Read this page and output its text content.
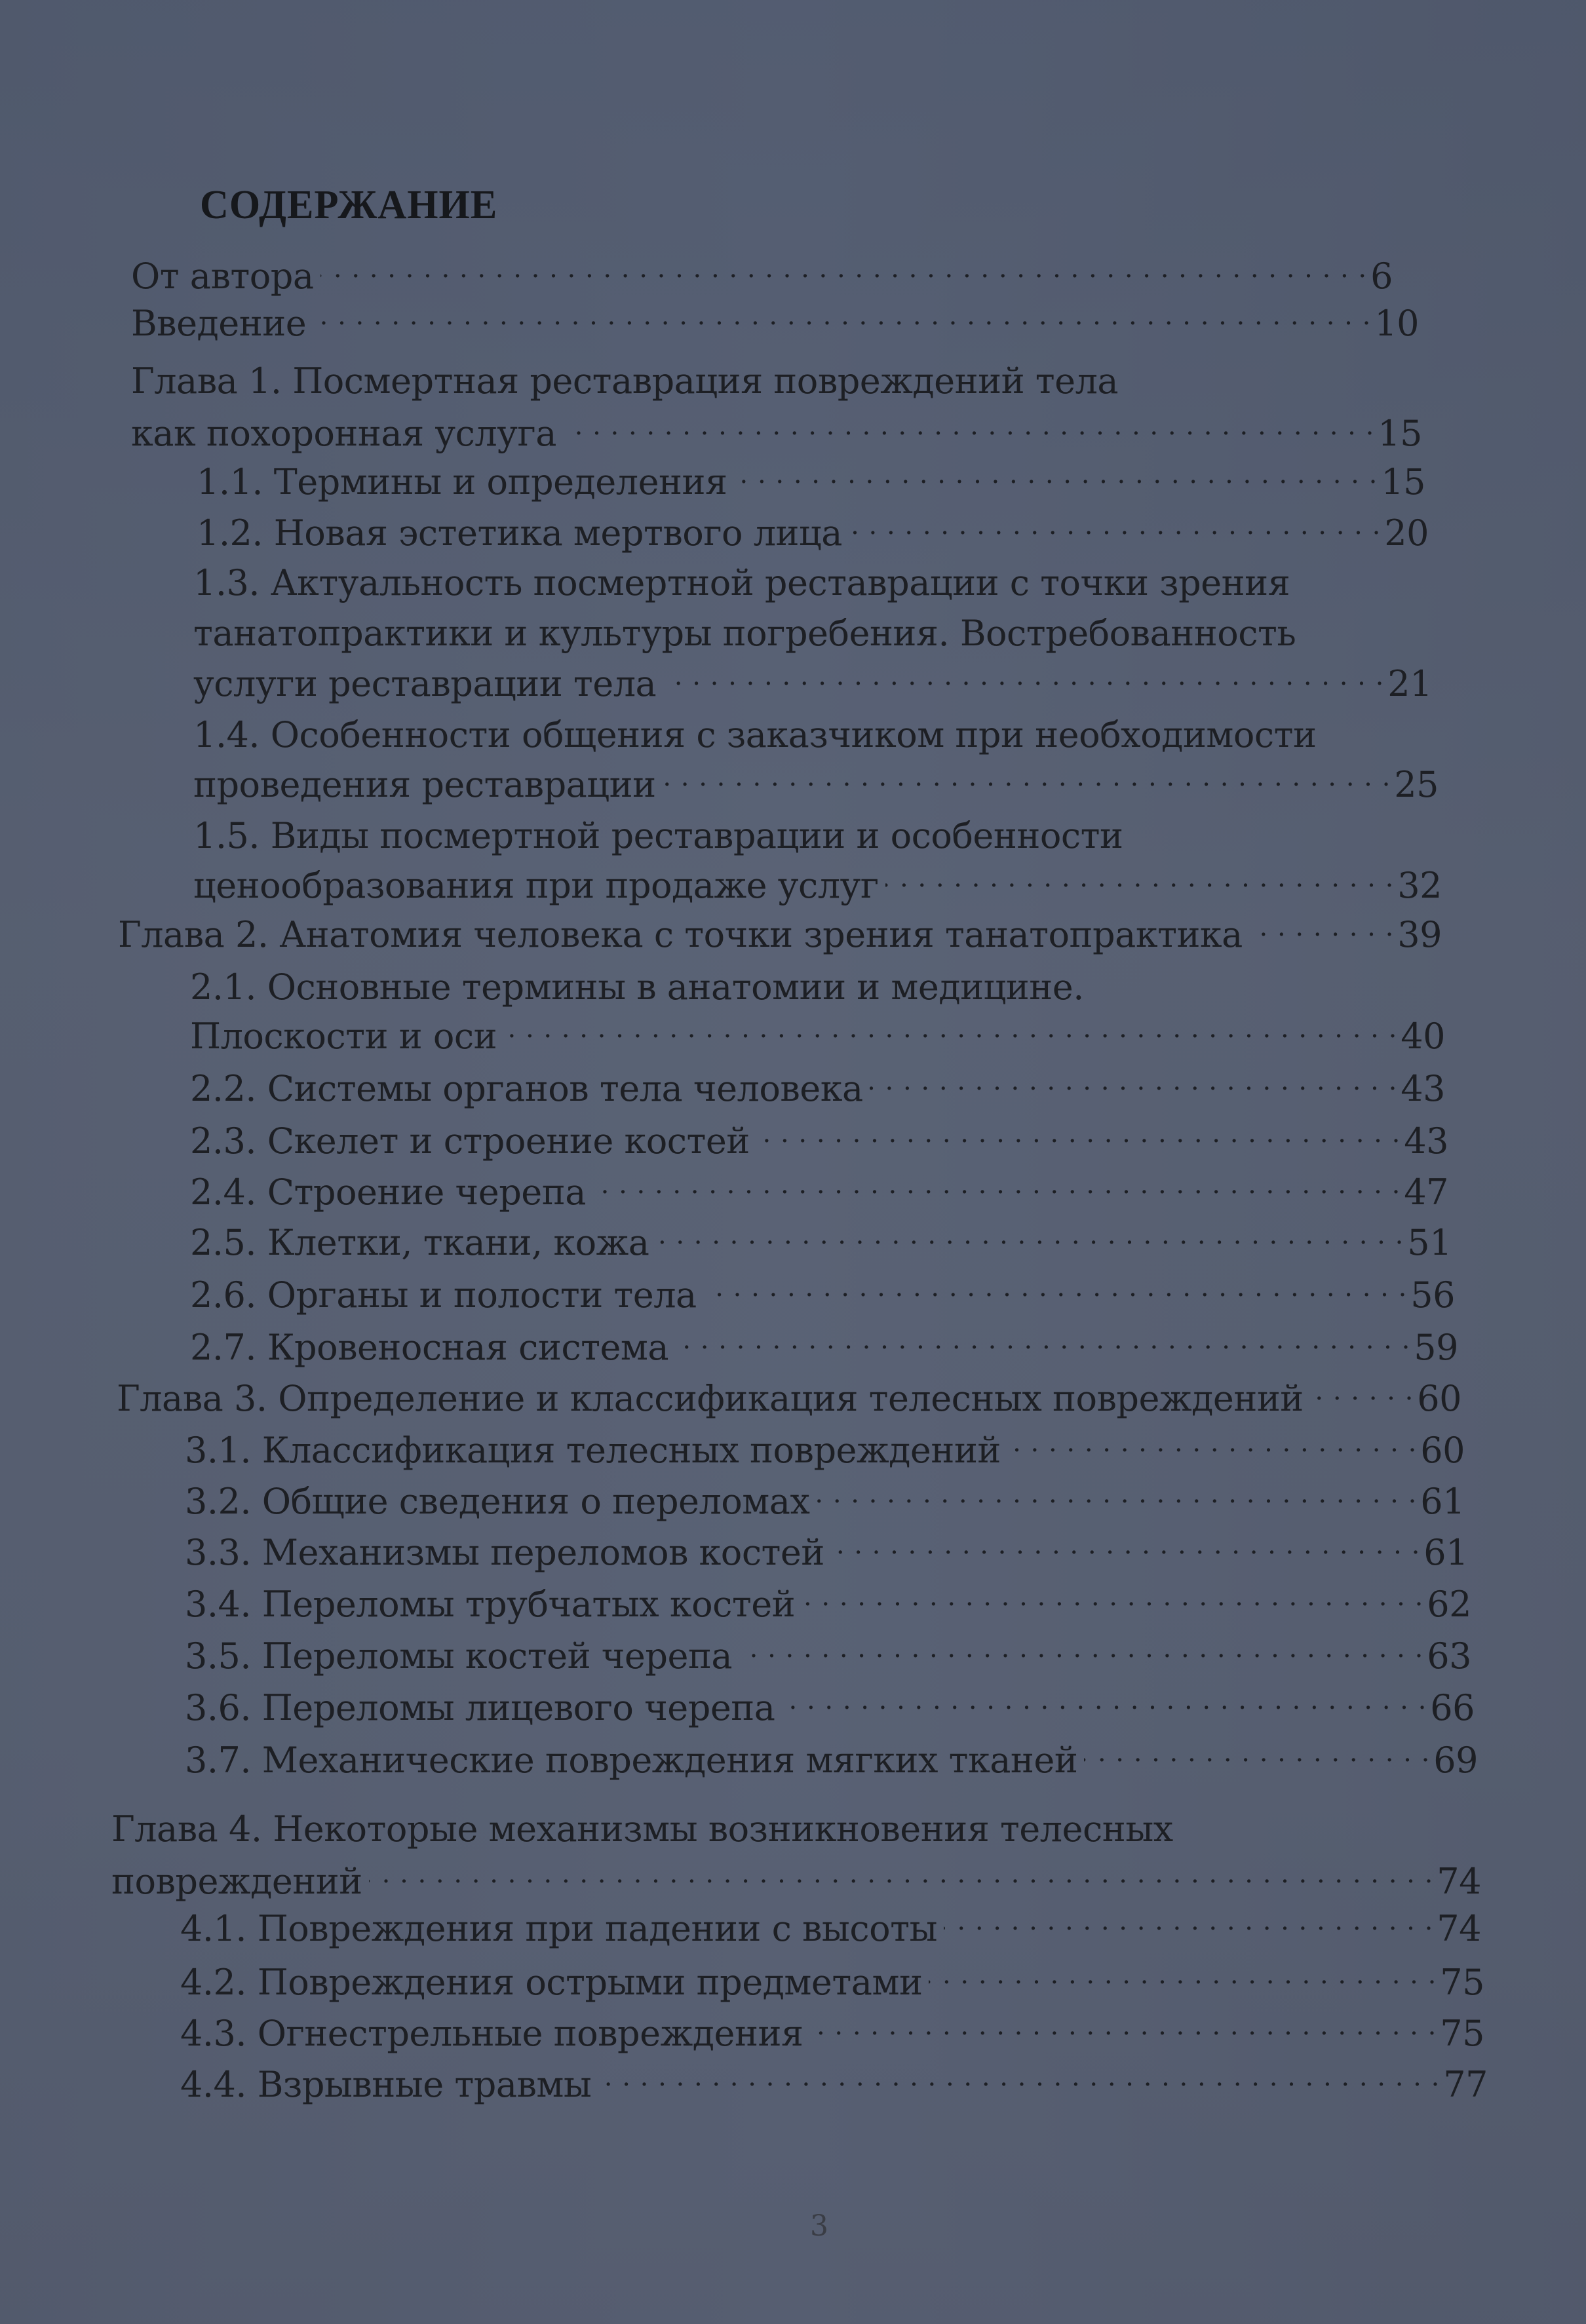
СОДЕРЖАНИЕ
От автора . . .	6
Введение . . .	10
Глава 1. Посмертная реставрация повреждений тела
как похоронная услуга . . .	15
1.1. Термины и определения . . .	15
1.2. Новая эстетика мертвого лица . . .	20
1.3. Актуальность посмертной реставрации с точки зрения
танатопрактики и культуры погребения. Востребованность
услуги реставрации тела . . .	21
1.4. Особенности общения с заказчиком при необходимости
проведения реставрации . . .	25
1.5. Виды посмертной реставрации и особенности
ценообразования при продаже услуг . . .	32
Глава 2. Анатомия человека с точки зрения танатопрактика . . .	39
2.1. Основные термины в анатомии и медицине.
Плоскости и оси . . .	40
2.2. Системы органов тела человека . . .	43
2.3. Скелет и строение костей . . .	43
2.4. Строение черепа . . .	47
2.5. Клетки, ткани, кожа . . .	51
2.6. Органы и полости тела . . .	56
2.7. Кровеносная система . . .	59
Глава 3. Определение и классификация телесных повреждений . . .	60
3.1. Классификация телесных повреждений . . .	60
3.2. Общие сведения о переломах . . .	61
3.3. Механизмы переломов костей . . .	61
3.4. Переломы трубчатых костей . . .	62
3.5. Переломы костей черепа . . .	63
3.6. Переломы лицевого черепа . . .	66
3.7. Механические повреждения мягких тканей . . .	69
Глава 4. Некоторые механизмы возникновения телесных
повреждений . . .	74
4.1. Повреждения при падении с высоты . . .	74
4.2. Повреждения острыми предметами . . .	75
4.3. Огнестрельные повреждения . . .	75
4.4. Взрывные травмы . . .	77
3
